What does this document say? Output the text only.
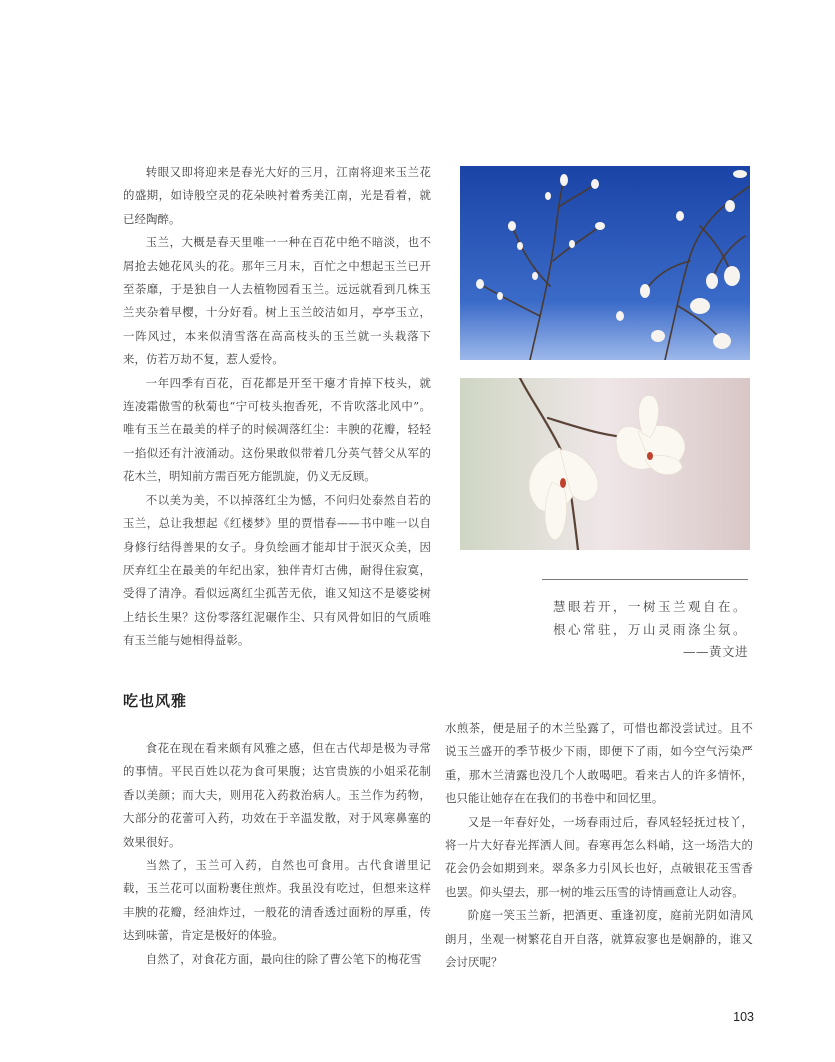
转眼又即将迎来是春光大好的三月，江南将迎来玉兰花的盛期，如诗般空灵的花朵映衬着秀美江南，光是看着，就已经陶醉。

玉兰，大概是春天里唯一一种在百花中绝不暗淡，也不屑抢去她花风头的花。那年三月末，百忙之中想起玉兰已开至荼靡，于是独自一人去植物园看玉兰。远远就看到几株玉兰夹杂着早樱，十分好看。树上玉兰皎洁如月，亭亭玉立，一阵风过，本来似清雪落在高高枝头的玉兰就一头栽落下来，仿若万劫不复，惹人爱怜。

一年四季有百花，百花都是开至干瘪才肯掉下枝头，就连凌霜傲雪的秋菊也“宁可枝头抱香死，不肯吹落北风中”。唯有玉兰在最美的样子的时候凋落红尘：丰腴的花瓣，轻轻一掐似还有汁液涌动。这份果敢似带着几分英气替父从军的花木兰，明知前方需百死方能凯旋，仍义无反顾。

不以美为美，不以掉落红尘为憾，不问归处泰然自若的玉兰，总让我想起《红楼梦》里的贾惜春——书中唯一以自身修行结得善果的女子。身负绘画才能却甘于泯灭众美，因厌弃红尘在最美的年纪出家，独伴青灯古佛，耐得住寂寞，受得了清净。看似远离红尘孤苦无依，谁又知这不是婆娑树上结长生果？这份零落红泥碾作尘、只有风骨如旧的气质唯有玉兰能与她相得益彰。

慧眼若开，一树玉兰观自在。
根心常驻，万山灵雨涤尘氛。
——黄文进
吃也风雅

食花在现在看来颇有风雅之感，但在古代却是极为寻常的事情。平民百姓以花为食可果腹；达官贵族的小姐采花制香以美颜；而大夫，则用花入药救治病人。玉兰作为药物，大部分的花蕾可入药，功效在于辛温发散，对于风寒鼻塞的效果很好。

当然了，玉兰可入药，自然也可食用。古代食谱里记载，玉兰花可以面粉裹住煎炸。我虽没有吃过，但想来这样丰腴的花瓣，经油炸过，一般花的清香透过面粉的厚重，传达到味蕾，肯定是极好的体验。

自然了，对食花方面，最向往的除了曹公笔下的梅花雪

水煎茶，便是屈子的木兰坠露了，可惜也都没尝试过。且不说玉兰盛开的季节极少下雨，即便下了雨，如今空气污染严重，那木兰清露也没几个人敢喝吧。看来古人的许多情怀，也只能让她存在在我们的书卷中和回忆里。

又是一年春好处，一场春雨过后，春风轻轻抚过枝丫，将一片大好春光挥洒人间。春寒再怎么料峭，这一场浩大的花会仍会如期到来。翠条多力引风长也好，点破银花玉雪香也罢。仰头望去，那一树的堆云压雪的诗情画意让人动容。

阶庭一笑玉兰新，把酒更、重逢初度，庭前光阴如清风朗月，坐观一树繁花自开自落，就算寂寥也是娴静的，谁又会讨厌呢？

103
